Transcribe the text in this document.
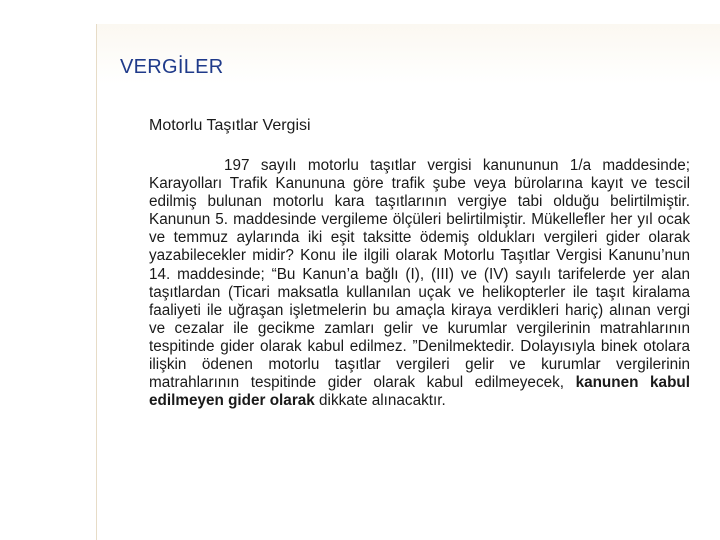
VERGİLER
Motorlu Taşıtlar Vergisi

197 sayılı motorlu taşıtlar vergisi kanununun 1/a maddesinde; Karayolları Trafik Kanununa göre trafik şube veya bürolarına kayıt ve tescil edilmiş bulunan motorlu kara taşıtlarının vergiye tabi olduğu belirtilmiştir. Kanunun 5. maddesinde vergileme ölçüleri belirtilmiştir. Mükellefler her yıl ocak ve temmuz aylarında iki eşit taksitte ödemiş oldukları vergileri gider olarak yazabilecekler midir? Konu ile ilgili olarak Motorlu Taşıtlar Vergisi Kanunu’nun 14. maddesinde; “Bu Kanun’a bağlı (I), (III) ve (IV) sayılı tarifelerde yer alan taşıtlardan (Ticari maksatla kullanılan uçak ve helikopterler ile taşıt kiralama faaliyeti ile uğraşan işletmelerin bu amaçla kiraya verdikleri hariç) alınan vergi ve cezalar ile gecikme zamları gelir ve kurumlar vergilerinin matrahlarının tespitinde gider olarak kabul edilmez. ”Denilmektedir. Dolayısıyla binek otolara ilişkin ödenen motorlu taşıtlar vergileri gelir ve kurumlar vergilerinin matrahlarının tespitinde gider olarak kabul edilmeyecek, kanunen kabul edilmeyen gider olarak dikkate alınacaktır.
